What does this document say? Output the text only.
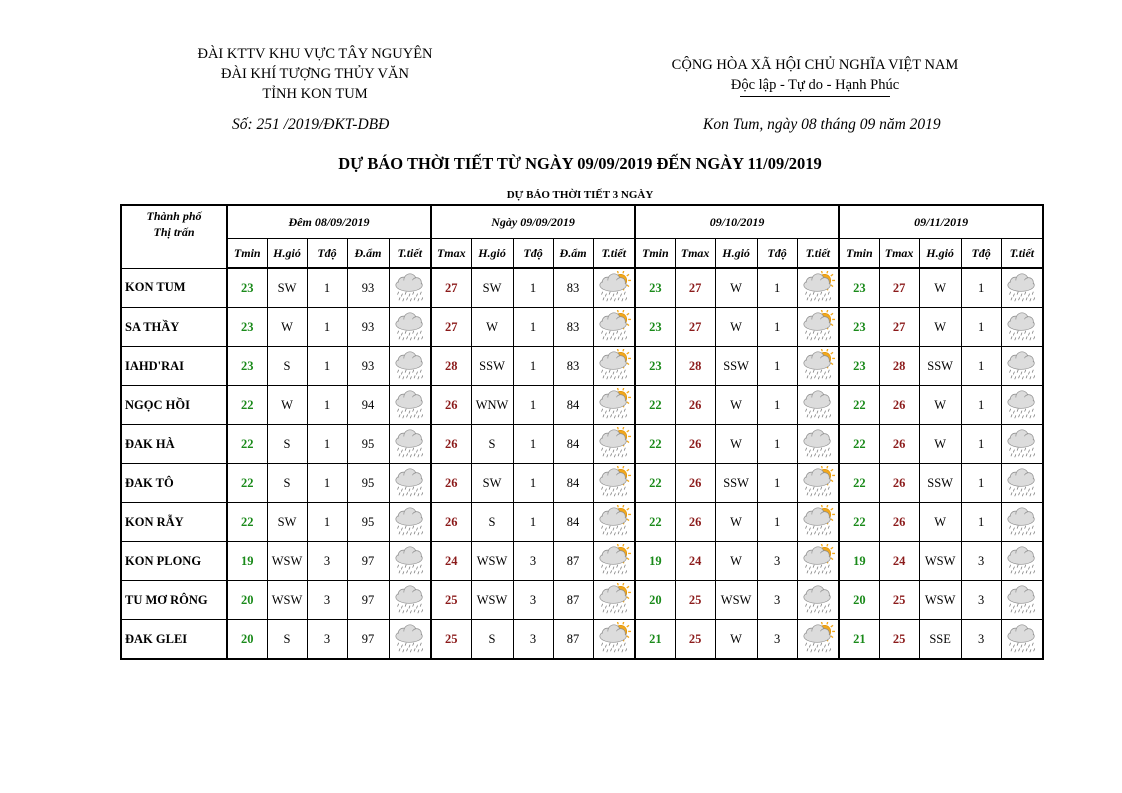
ĐÀI KTTV KHU VỰC TÂY NGUYÊN
ĐÀI KHÍ TƯỢNG THỦY VĂN
TỈNH KON TUM
CỘNG HÒA XÃ HỘI CHỦ NGHĨA VIỆT NAM
Độc lập - Tự do - Hạnh Phúc
Số: 251 /2019/ĐKT-DBĐ	Kon Tum, ngày 08 tháng 09 năm 2019
DỰ BÁO THỜI TIẾT TỪ NGÀY 09/09/2019 ĐẾN NGÀY 11/09/2019
DỰ BÁO THỜI TIẾT 3 NGÀY
Thành phố
Thị trấn	Đêm 08/09/2019					Ngày 09/09/2019					09/10/2019					09/11/2019				
	Tmin	H.gió	Tđộ	Đ.ẩm	T.tiết	Tmax	H.gió	Tđộ	Đ.ẩm	T.tiết	Tmin	Tmax	H.gió	Tđộ	T.tiết	Tmin	Tmax	H.gió	Tđộ	T.tiết
KON TUM	23	SW	1	93		27	SW	1	83		23	27	W	1		23	27	W	1	

SA THẦY	23	W	1	93		27	W	1	83		23	27	W	1		23	27	W	1	

IAHD'RAI	23	S	1	93		28	SSW	1	83		23	28	SSW	1		23	28	SSW	1	

NGỌC HỒI	22	W	1	94		26	WNW	1	84		22	26	W	1		22	26	W	1	

ĐAK HÀ	22	S	1	95		26	S	1	84		22	26	W	1		22	26	W	1	

ĐAK TÔ	22	S	1	95		26	SW	1	84		22	26	SSW	1		22	26	SSW	1	

KON RẪY	22	SW	1	95		26	S	1	84		22	26	W	1		22	26	W	1	

KON PLONG	19	WSW	3	97		24	WSW	3	87		19	24	W	3		19	24	WSW	3	

TU MƠ RÔNG	20	WSW	3	97		25	WSW	3	87		20	25	WSW	3		20	25	WSW	3	

ĐAK GLEI	20	S	3	97		25	S	3	87		21	25	W	3		21	25	SSE	3	
